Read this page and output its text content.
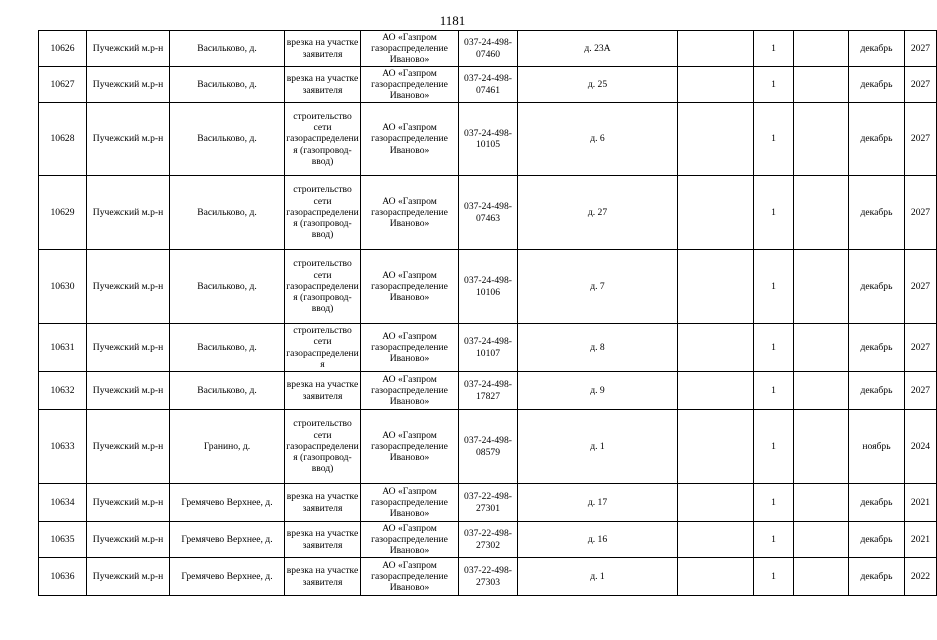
1181
10626	Пучежский м.р-н	Васильково, д.	врезка на участке заявителя	АО «Газпром газораспределение Иваново»	037-24-498-07460	д. 23А		1		декабрь	2027
10627	Пучежский м.р-н	Васильково, д.	врезка на участке заявителя	АО «Газпром газораспределение Иваново»	037-24-498-07461	д. 25		1		декабрь	2027
10628	Пучежский м.р-н	Васильково, д.	строительство сети газораспределения (газопровод-ввод)	АО «Газпром газораспределение Иваново»	037-24-498-10105	д. 6		1		декабрь	2027
10629	Пучежский м.р-н	Васильково, д.	строительство сети газораспределения (газопровод-ввод)	АО «Газпром газораспределение Иваново»	037-24-498-07463	д. 27		1		декабрь	2027
10630	Пучежский м.р-н	Васильково, д.	строительство сети газораспределения (газопровод-ввод)	АО «Газпром газораспределение Иваново»	037-24-498-10106	д. 7		1		декабрь	2027
10631	Пучежский м.р-н	Васильково, д.	строительство сети газораспределения	АО «Газпром газораспределение Иваново»	037-24-498-10107	д. 8		1		декабрь	2027
10632	Пучежский м.р-н	Васильково, д.	врезка на участке заявителя	АО «Газпром газораспределение Иваново»	037-24-498-17827	д. 9		1		декабрь	2027
10633	Пучежский м.р-н	Гранино, д.	строительство сети газораспределения (газопровод-ввод)	АО «Газпром газораспределение Иваново»	037-24-498-08579	д. 1		1		ноябрь	2024
10634	Пучежский м.р-н	Гремячево Верхнее, д.	врезка на участке заявителя	АО «Газпром газораспределение Иваново»	037-22-498-27301	д. 17		1		декабрь	2021
10635	Пучежский м.р-н	Гремячево Верхнее, д.	врезка на участке заявителя	АО «Газпром газораспределение Иваново»	037-22-498-27302	д. 16		1		декабрь	2021
10636	Пучежский м.р-н	Гремячево Верхнее, д.	врезка на участке заявителя	АО «Газпром газораспределение Иваново»	037-22-498-27303	д. 1		1		декабрь	2022
